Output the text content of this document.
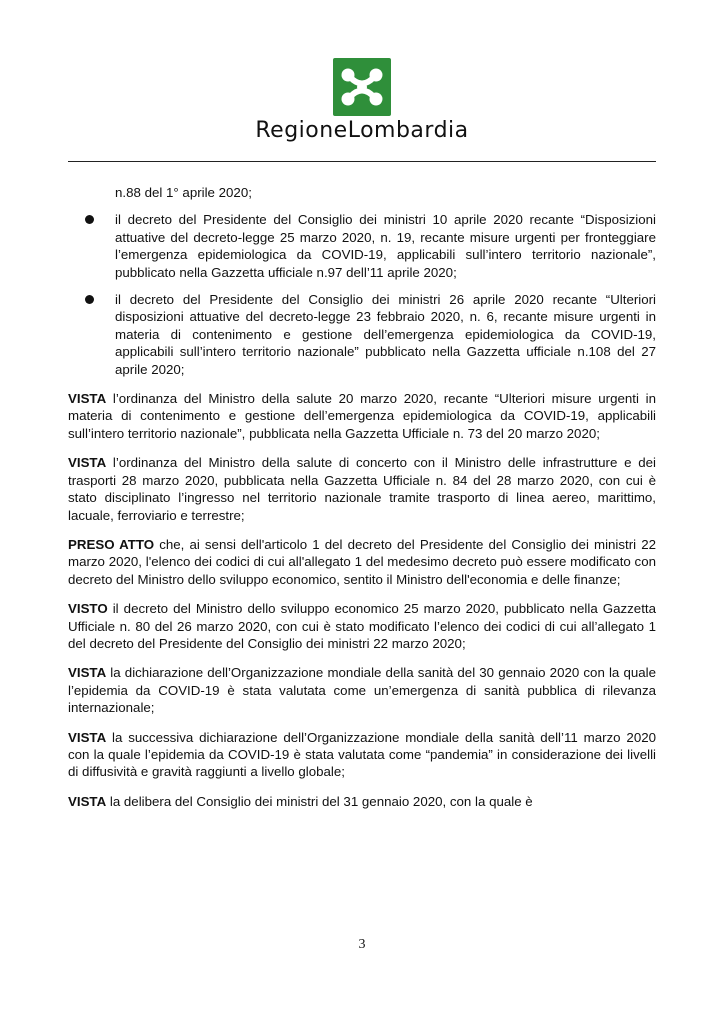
RegioneLombardia

n.88 del 1° aprile 2020;

il decreto del Presidente del Consiglio dei ministri 10 aprile 2020 recante “Disposizioni attuative del decreto-legge 25 marzo 2020, n. 19, recante misure urgenti per fronteggiare l’emergenza epidemiologica da COVID-19, applicabili sull’intero territorio nazionale”, pubblicato nella Gazzetta ufficiale n.97 dell’11 aprile 2020;

il decreto del Presidente del Consiglio dei ministri 26 aprile 2020 recante “Ulteriori disposizioni attuative del decreto-legge 23 febbraio 2020, n. 6, recante misure urgenti in materia di contenimento e gestione dell’emergenza epidemiologica da COVID-19, applicabili sull’intero territorio nazionale” pubblicato nella Gazzetta ufficiale n.108 del 27 aprile 2020;

VISTA l’ordinanza del Ministro della salute 20 marzo 2020, recante “Ulteriori misure urgenti in materia di contenimento e gestione dell’emergenza epidemiologica da COVID-19, applicabili sull’intero territorio nazionale”, pubblicata nella Gazzetta Ufficiale n. 73 del 20 marzo 2020;

VISTA l’ordinanza del Ministro della salute di concerto con il Ministro delle infrastrutture e dei trasporti 28 marzo 2020, pubblicata nella Gazzetta Ufficiale n. 84 del 28 marzo 2020, con cui è stato disciplinato l’ingresso nel territorio nazionale tramite trasporto di linea aereo, marittimo, lacuale, ferroviario e terrestre;

PRESO ATTO che, ai sensi dell'articolo 1 del decreto del Presidente del Consiglio dei ministri 22 marzo 2020, l'elenco dei codici di cui all'allegato 1 del medesimo decreto può essere modificato con decreto del Ministro dello sviluppo economico, sentito il Ministro dell'economia e delle finanze;

VISTO il decreto del Ministro dello sviluppo economico 25 marzo 2020, pubblicato nella Gazzetta Ufficiale n. 80 del 26 marzo 2020, con cui è stato modificato l’elenco dei codici di cui all’allegato 1 del decreto del Presidente del Consiglio dei ministri 22 marzo 2020;

VISTA la dichiarazione dell’Organizzazione mondiale della sanità del 30 gennaio 2020 con la quale l’epidemia da COVID-19 è stata valutata come un’emergenza di sanità pubblica di rilevanza internazionale;

VISTA la successiva dichiarazione dell’Organizzazione mondiale della sanità dell’11 marzo 2020 con la quale l’epidemia da COVID-19 è stata valutata come “pandemia” in considerazione dei livelli di diffusività e gravità raggiunti a livello globale;

VISTA la delibera del Consiglio dei ministri del 31 gennaio 2020, con la quale è

3
